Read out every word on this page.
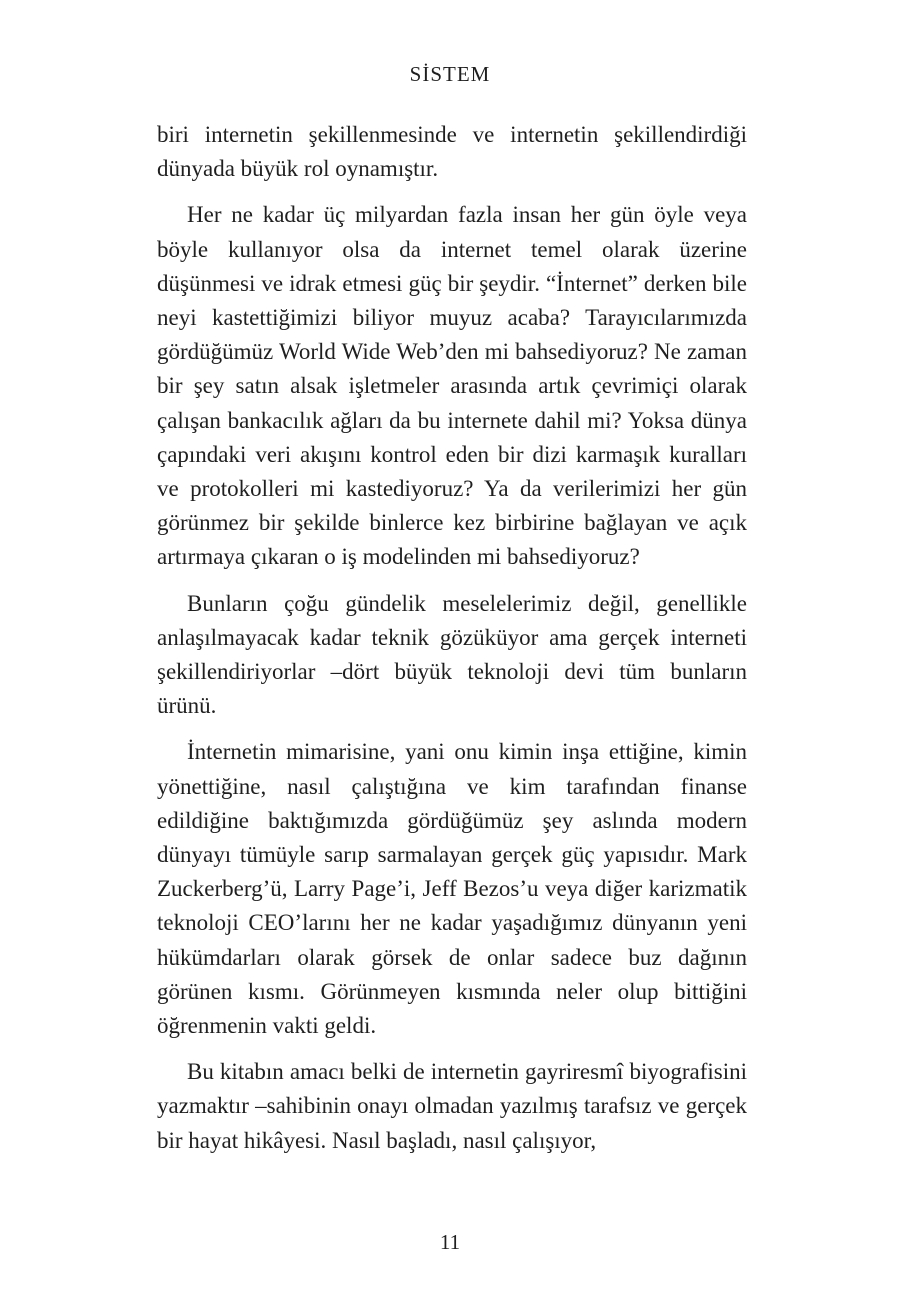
SİSTEM

biri internetin şekillenmesinde ve internetin şekillendirdiği dünyada büyük rol oynamıştır.

Her ne kadar üç milyardan fazla insan her gün öyle veya böyle kullanıyor olsa da internet temel olarak üzerine düşünmesi ve idrak etmesi güç bir şeydir. “İnternet” derken bile neyi kastettiğimizi biliyor muyuz acaba? Tarayıcılarımızda gördüğümüz World Wide Web’den mi bahsediyoruz? Ne zaman bir şey satın alsak işletmeler arasında artık çevrimiçi olarak çalışan bankacılık ağları da bu internete dahil mi? Yoksa dünya çapındaki veri akışını kontrol eden bir dizi karmaşık kuralları ve protokolleri mi kastediyoruz? Ya da verilerimizi her gün görünmez bir şekilde binlerce kez birbirine bağlayan ve açık artırmaya çıkaran o iş modelinden mi bahsediyoruz?

Bunların çoğu gündelik meselelerimiz değil, genellikle anlaşılmayacak kadar teknik gözüküyor ama gerçek interneti şekillendiriyorlar –dört büyük teknoloji devi tüm bunların ürünü.

İnternetin mimarisine, yani onu kimin inşa ettiğine, kimin yönettiğine, nasıl çalıştığına ve kim tarafından finanse edildiğine baktığımızda gördüğümüz şey aslında modern dünyayı tümüyle sarıp sarmalayan gerçek güç yapısıdır. Mark Zuckerberg’ü, Larry Page’i, Jeff Bezos’u veya diğer karizmatik teknoloji CEO’larını her ne kadar yaşadığımız dünyanın yeni hükümdarları olarak görsek de onlar sadece buz dağının görünen kısmı. Görünmeyen kısmında neler olup bittiğini öğrenmenin vakti geldi.

Bu kitabın amacı belki de internetin gayriresmî biyografisini yazmaktır –sahibinin onayı olmadan yazılmış tarafsız ve gerçek bir hayat hikâyesi. Nasıl başladı, nasıl çalışıyor,

11
